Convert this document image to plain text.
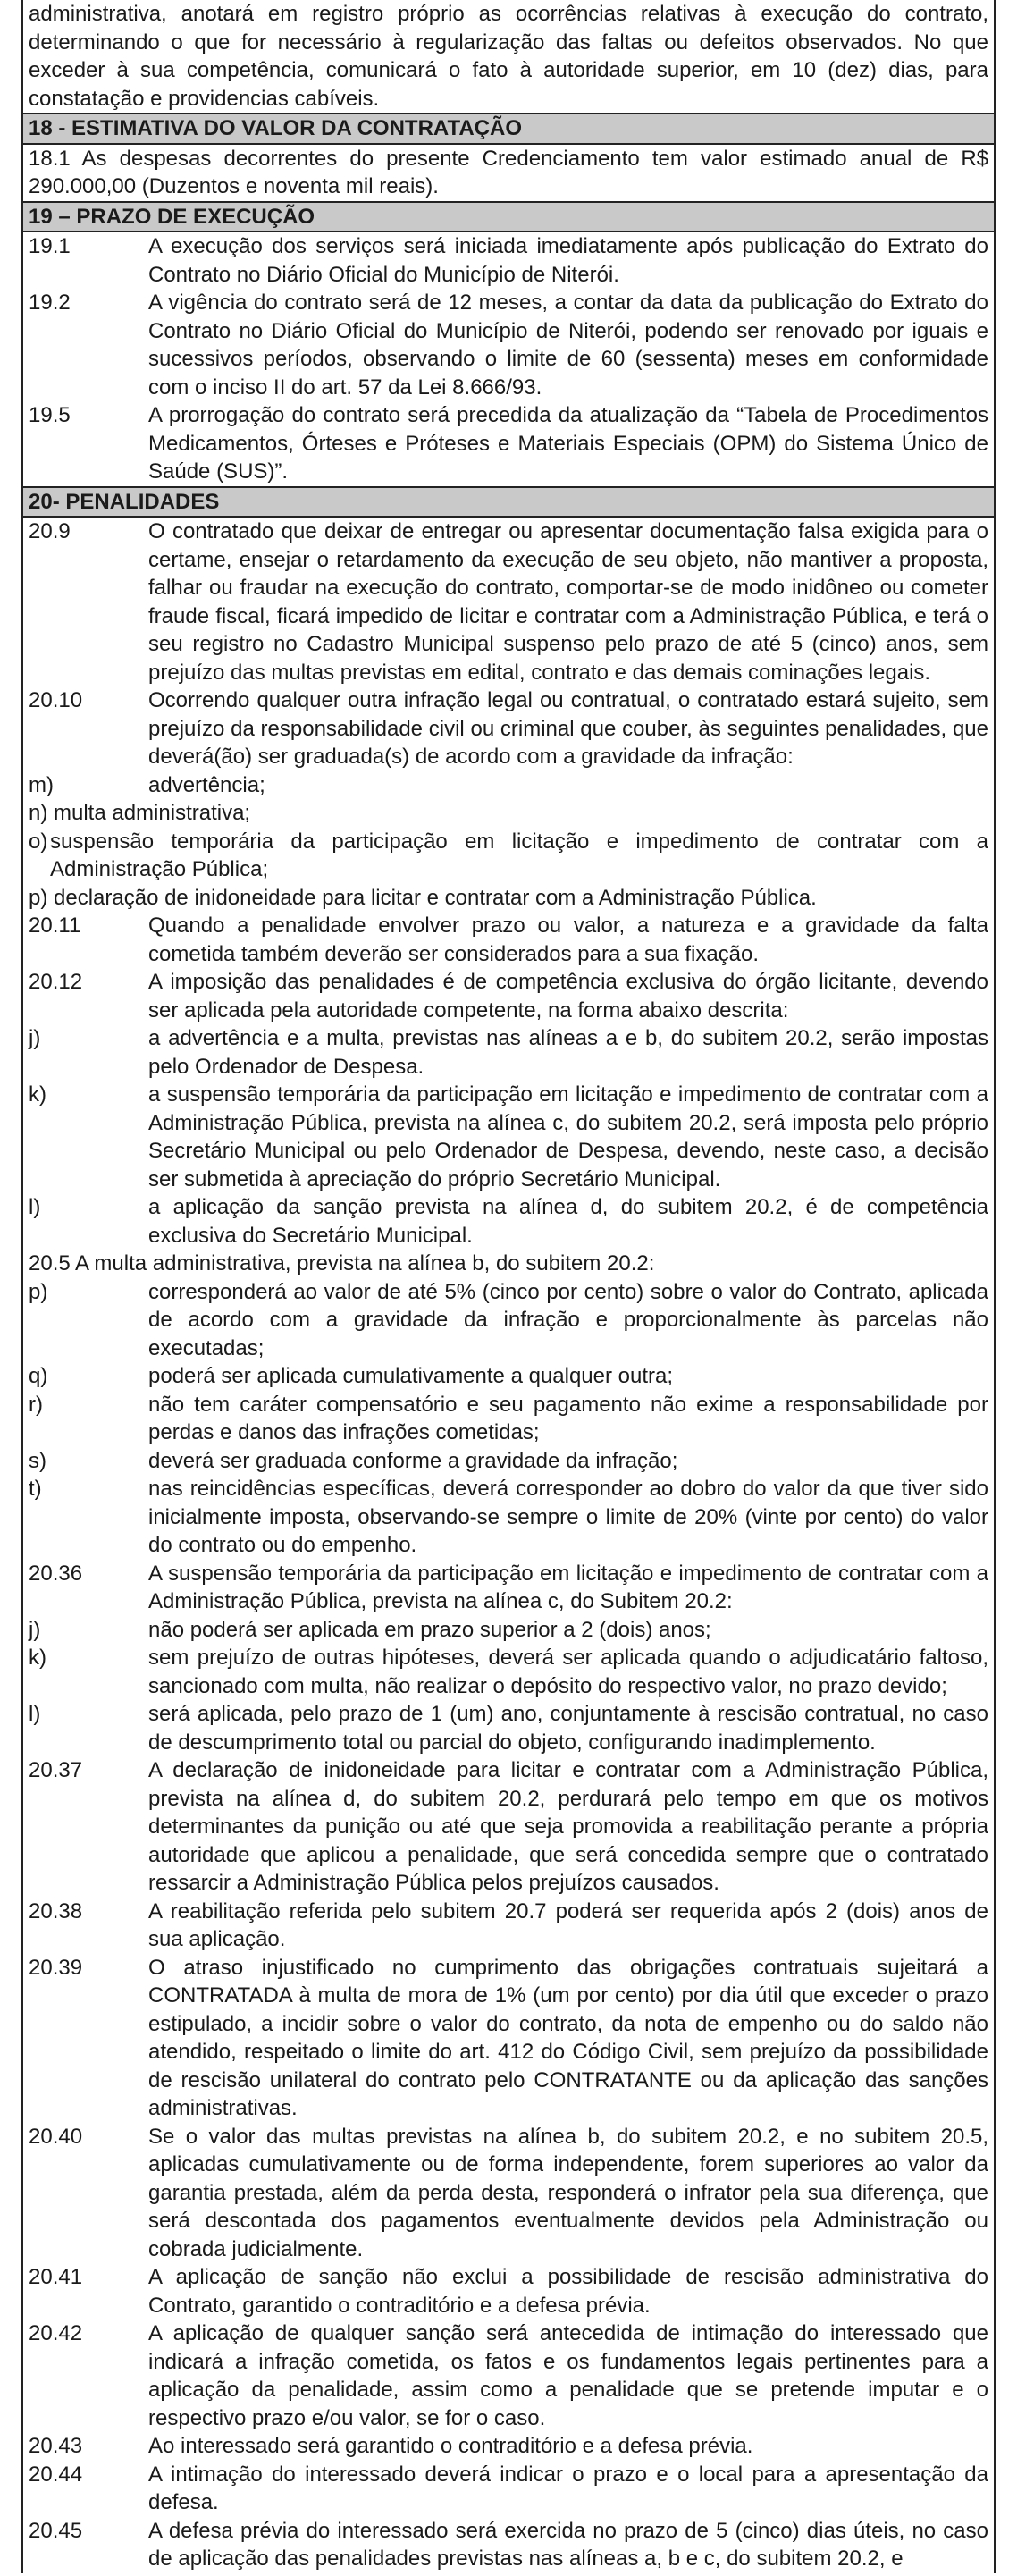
administrativa, anotará em registro próprio as ocorrências relativas à execução do contrato, determinando o que for necessário à regularização das faltas ou defeitos observados. No que exceder à sua competência, comunicará o fato à autoridade superior, em 10 (dez) dias, para constatação e providencias cabíveis.

18 - ESTIMATIVA DO VALOR DA CONTRATAÇÃO

18.1 As despesas decorrentes do presente Credenciamento tem valor estimado anual de R$ 290.000,00 (Duzentos e noventa mil reais).

19 – PRAZO DE EXECUÇÃO
19.1	A execução dos serviços será iniciada imediatamente após publicação do Extrato do Contrato no Diário Oficial do Município de Niterói.
19.2	A vigência do contrato será de 12 meses, a contar da data da publicação do Extrato do Contrato no Diário Oficial do Município de Niterói, podendo ser renovado por iguais e sucessivos períodos, observando o limite de 60 (sessenta) meses em conformidade com o inciso II do art. 57 da Lei 8.666/93.
19.5	A prorrogação do contrato será precedida da atualização da “Tabela de Procedimentos Medicamentos, Órteses e Próteses e Materiais Especiais (OPM) do Sistema Único de Saúde (SUS)”.
20- PENALIDADES
20.9	O contratado que deixar de entregar ou apresentar documentação falsa exigida para o certame, ensejar o retardamento da execução de seu objeto, não mantiver a proposta, falhar ou fraudar na execução do contrato, comportar-se de modo inidôneo ou cometer fraude fiscal, ficará impedido de licitar e contratar com a Administração Pública, e terá o seu registro no Cadastro Municipal suspenso pelo prazo de até 5 (cinco) anos, sem prejuízo das multas previstas em edital, contrato e das demais cominações legais.
20.10	Ocorrendo qualquer outra infração legal ou contratual, o contratado estará sujeito, sem prejuízo da responsabilidade civil ou criminal que couber, às seguintes penalidades, que deverá(ão) ser graduada(s) de acordo com a gravidade da infração:
m)	advertência;

n) multa administrativa;

o) suspensão temporária da participação em licitação e impedimento de contratar com a Administração Pública;

p) declaração de inidoneidade para licitar e contratar com a Administração Pública.

20.11	Quando a penalidade envolver prazo ou valor, a natureza e a gravidade da falta cometida também deverão ser considerados para a sua fixação.
20.12	A imposição das penalidades é de competência exclusiva do órgão licitante, devendo ser aplicada pela autoridade competente, na forma abaixo descrita:
j)	a advertência e a multa, previstas nas alíneas a e b, do subitem 20.2, serão impostas pelo Ordenador de Despesa.
k)	a suspensão temporária da participação em licitação e impedimento de contratar com a Administração Pública, prevista na alínea c, do subitem 20.2, será imposta pelo próprio Secretário Municipal ou pelo Ordenador de Despesa, devendo, neste caso, a decisão ser submetida à apreciação do próprio Secretário Municipal.
l)	a aplicação da sanção prevista na alínea d, do subitem 20.2, é de competência exclusiva do Secretário Municipal.

20.5 A multa administrativa, prevista na alínea b, do subitem 20.2:

p)	corresponderá ao valor de até 5% (cinco por cento) sobre o valor do Contrato, aplicada de acordo com a gravidade da infração e proporcionalmente às parcelas não executadas;
q)	poderá ser aplicada cumulativamente a qualquer outra;
r)	não tem caráter compensatório e seu pagamento não exime a responsabilidade por perdas e danos das infrações cometidas;
s)	deverá ser graduada conforme a gravidade da infração;
t)	nas reincidências específicas, deverá corresponder ao dobro do valor da que tiver sido inicialmente imposta, observando-se sempre o limite de 20% (vinte por cento) do valor do contrato ou do empenho.
20.36	A suspensão temporária da participação em licitação e impedimento de contratar com a Administração Pública, prevista na alínea c, do Subitem 20.2:
j)	não poderá ser aplicada em prazo superior a 2 (dois) anos;
k)	sem prejuízo de outras hipóteses, deverá ser aplicada quando o adjudicatário faltoso, sancionado com multa, não realizar o depósito do respectivo valor, no prazo devido;
l)	será aplicada, pelo prazo de 1 (um) ano, conjuntamente à rescisão contratual, no caso de descumprimento total ou parcial do objeto, configurando inadimplemento.
20.37	A declaração de inidoneidade para licitar e contratar com a Administração Pública, prevista na alínea d, do subitem 20.2, perdurará pelo tempo em que os motivos determinantes da punição ou até que seja promovida a reabilitação perante a própria autoridade que aplicou a penalidade, que será concedida sempre que o contratado ressarcir a Administração Pública pelos prejuízos causados.
20.38	A reabilitação referida pelo subitem 20.7 poderá ser requerida após 2 (dois) anos de sua aplicação.
20.39	O atraso injustificado no cumprimento das obrigações contratuais sujeitará a CONTRATADA à multa de mora de 1% (um por cento) por dia útil que exceder o prazo estipulado, a incidir sobre o valor do contrato, da nota de empenho ou do saldo não atendido, respeitado o limite do art. 412 do Código Civil, sem prejuízo da possibilidade de rescisão unilateral do contrato pelo CONTRATANTE ou da aplicação das sanções administrativas.
20.40	Se o valor das multas previstas na alínea b, do subitem 20.2, e no subitem 20.5, aplicadas cumulativamente ou de forma independente, forem superiores ao valor da garantia prestada, além da perda desta, responderá o infrator pela sua diferença, que será descontada dos pagamentos eventualmente devidos pela Administração ou cobrada judicialmente.
20.41	A aplicação de sanção não exclui a possibilidade de rescisão administrativa do Contrato, garantido o contraditório e a defesa prévia.
20.42	A aplicação de qualquer sanção será antecedida de intimação do interessado que indicará a infração cometida, os fatos e os fundamentos legais pertinentes para a aplicação da penalidade, assim como a penalidade que se pretende imputar e o respectivo prazo e/ou valor, se for o caso.
20.43	Ao interessado será garantido o contraditório e a defesa prévia.
20.44	A intimação do interessado deverá indicar o prazo e o local para a apresentação da defesa.
20.45	A defesa prévia do interessado será exercida no prazo de 5 (cinco) dias úteis, no caso de aplicação das penalidades previstas nas alíneas a, b e c, do subitem 20.2, e
